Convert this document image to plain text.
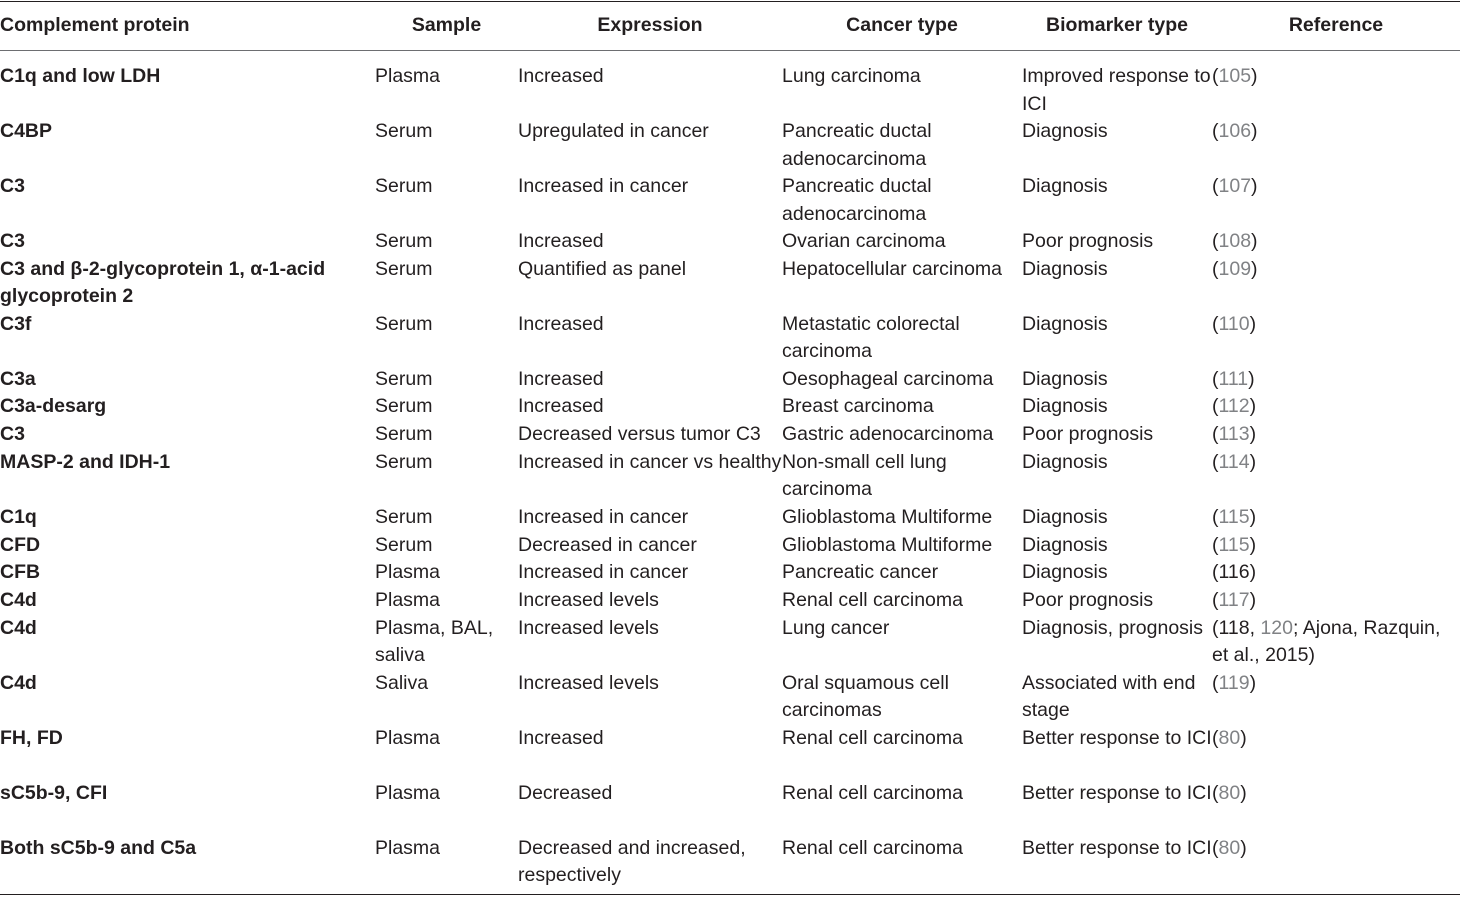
Complement protein	Sample	Expression	Cancer type	Biomarker type	Reference
C1q and low LDH	Plasma	Increased	Lung carcinoma	Improved response to ICI	(105)
C4BP	Serum	Upregulated in cancer	Pancreatic ductal adenocarcinoma	Diagnosis	(106)
C3	Serum	Increased in cancer	Pancreatic ductal adenocarcinoma	Diagnosis	(107)
C3	Serum	Increased	Ovarian carcinoma	Poor prognosis	(108)
C3 and β-2-glycoprotein 1, α-1-acid glycoprotein 2	Serum	Quantified as panel	Hepatocellular carcinoma	Diagnosis	(109)
C3f	Serum	Increased	Metastatic colorectal carcinoma	Diagnosis	(110)
C3a	Serum	Increased	Oesophageal carcinoma	Diagnosis	(111)
C3a-desarg	Serum	Increased	Breast carcinoma	Diagnosis	(112)
C3	Serum	Decreased versus tumor C3	Gastric adenocarcinoma	Poor prognosis	(113)
MASP-2 and IDH-1	Serum	Increased in cancer vs healthy	Non-small cell lung carcinoma	Diagnosis	(114)
C1q	Serum	Increased in cancer	Glioblastoma Multiforme	Diagnosis	(115)
CFD	Serum	Decreased in cancer	Glioblastoma Multiforme	Diagnosis	(115)
CFB	Plasma	Increased in cancer	Pancreatic cancer	Diagnosis	(116)
C4d	Plasma	Increased levels	Renal cell carcinoma	Poor prognosis	(117)
C4d	Plasma, BAL, saliva	Increased levels	Lung cancer	Diagnosis, prognosis	(118, 120; Ajona, Razquin, et al., 2015)
C4d	Saliva	Increased levels	Oral squamous cell carcinomas	Associated with end stage	(119)
FH, FD	Plasma	Increased	Renal cell carcinoma	Better response to ICI	(80)
sC5b-9, CFI	Plasma	Decreased	Renal cell carcinoma	Better response to ICI	(80)
Both sC5b-9 and C5a	Plasma	Decreased and increased, respectively	Renal cell carcinoma	Better response to ICI	(80)
